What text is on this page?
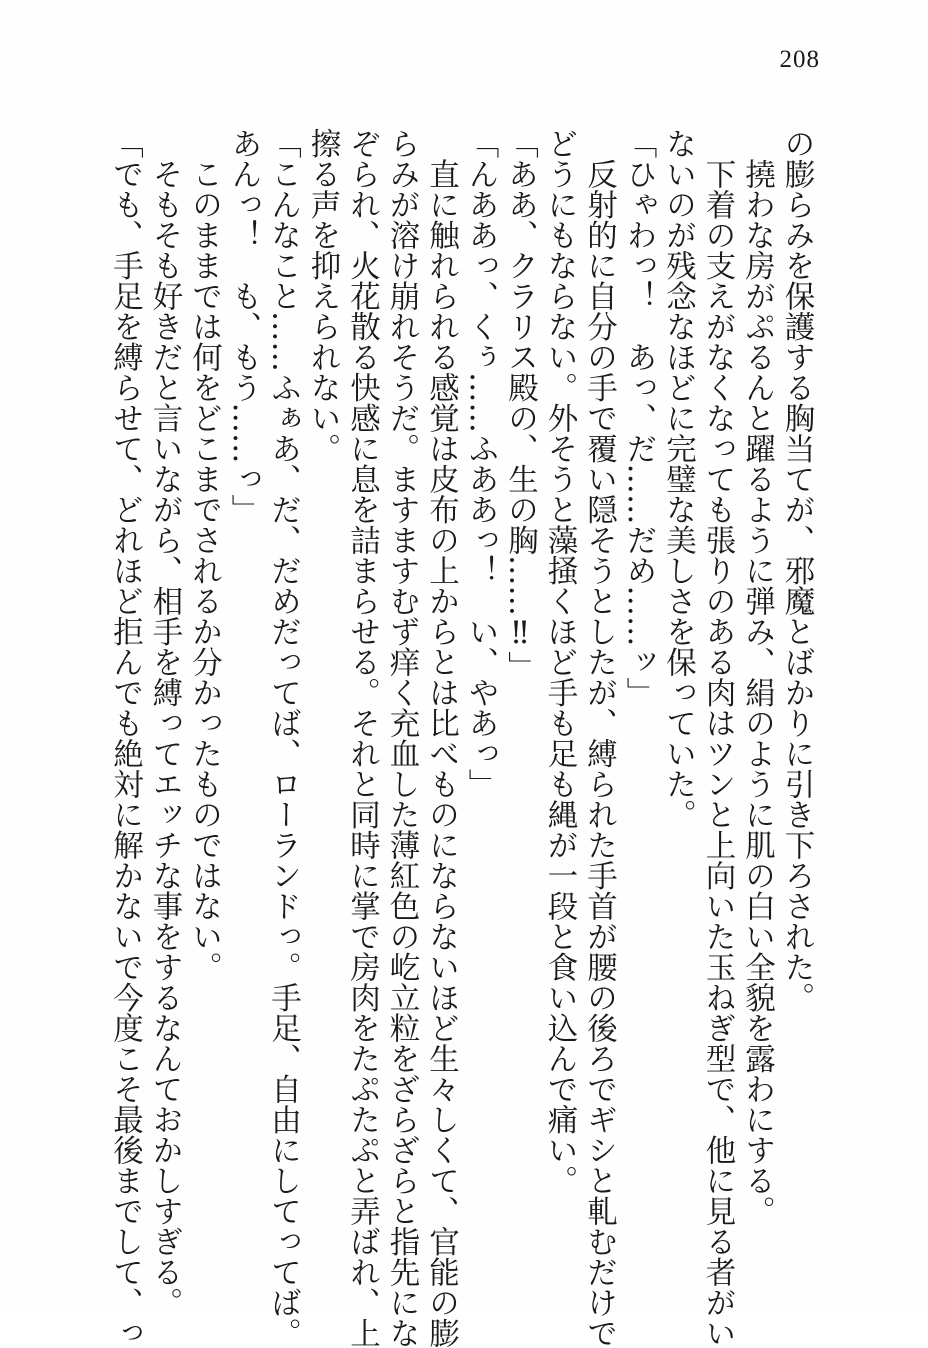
208
の膨らみを保護する胸当てが、邪魔とばかりに引き下ろされた。
　撓わな房がぷるんと躍るように弾み、絹のように肌の白い全貌を露わにする。
　下着の支えがなくなっても張りのある肉はツンと上向いた玉ねぎ型で、他に見る者がい
ないのが残念なほどに完璧な美しさを保っていた。
「ひゃわっ！　あっ、だ……だめ……ッ」
　反射的に自分の手で覆い隠そうとしたが、縛られた手首が腰の後ろでギシと軋むだけで
どうにもならない。外そうと藻掻くほど手も足も縄が一段と食い込んで痛い。
「ああ、クラリス殿の、生の胸……‼」
「んああっ、くぅ……ふああっ！　い、やあっ」
　直に触れられる感覚は皮布の上からとは比べものにならないほど生々しくて、官能の膨
らみが溶け崩れそうだ。ますますむず痒く充血した薄紅色の屹立粒をざらざらと指先にな
ぞられ、火花散る快感に息を詰まらせる。それと同時に掌で房肉をたぷたぷと弄ばれ、上
擦る声を抑えられない。
「こんなこと……ふぁあ、だ、だめだってば、ローランドっ。手足、自由にしてってば。
あんっ！　も、もう……っ」
　このままでは何をどこまでされるか分かったものではない。
　そもそも好きだと言いながら、相手を縛ってエッチな事をするなんておかしすぎる。
「でも、手足を縛らせて、どれほど拒んでも絶対に解かないで今度こそ最後までして、っ
